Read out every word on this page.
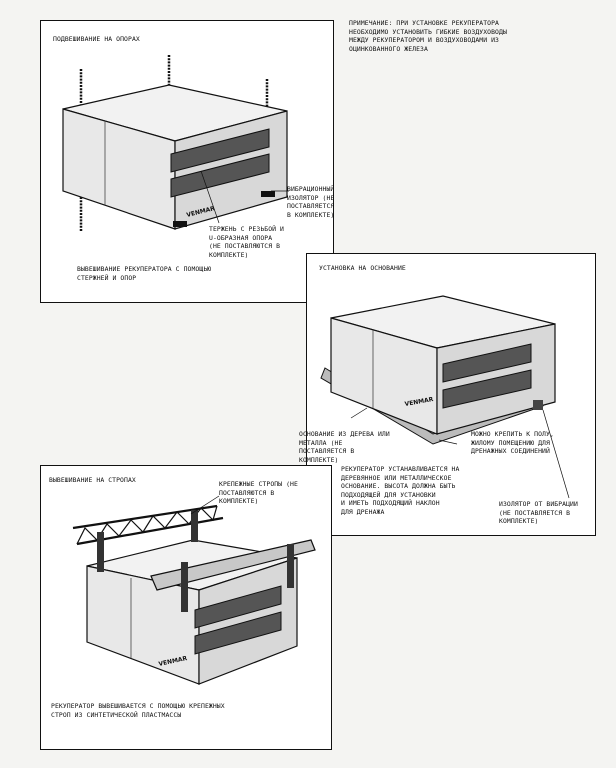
ПРИМЕЧАНИЕ: ПРИ УСТАНОВКЕ РЕКУПЕРАТОРА
НЕОБХОДИМО УСТАНОВИТЬ ГИБКИЕ ВОЗДУХОВОДЫ
МЕЖДУ РЕКУПЕРАТОРОМ И ВОЗДУХОВОДАМИ ИЗ
ОЦИНКОВАННОГО ЖЕЛЕЗА
ПОДВЕШИВАНИЕ НА ОПОРАХ
VENMAR
ВИБРАЦИОННЫЙ
ИЗОЛЯТОР (НЕ
ПОСТАВЛЯЕТСЯ
В КОМПЛЕКТЕ)
ТЕРЖЕНЬ С РЕЗЬБОЙ И
U-ОБРАЗНАЯ ОПОРА
(НЕ ПОСТАВЛЯЮТСЯ В
КОМПЛЕКТЕ)
ВЫВЕШИВАНИЕ РЕКУПЕРАТОРА С ПОМОЩЬЮ
СТЕРЖНЕЙ И ОПОР
УСТАНОВКА НА ОСНОВАНИЕ
VENMAR
ОСНОВАНИЕ ИЗ ДЕРЕВА ИЛИ
МЕТАЛЛА (НЕ
ПОСТАВЛЯЕТСЯ В
КОМПЛЕКТЕ)
МОЖНО КРЕПИТЬ К ПОЛУ,
ЖИЛОМУ ПОМЕЩЕНИЮ ДЛЯ
ДРЕНАЖНЫХ СОЕДИНЕНИЙ
РЕКУПЕРАТОР УСТАНАВЛИВАЕТСЯ НА
ДЕРЕВЯННОЕ ИЛИ МЕТАЛЛИЧЕСКОЕ
ОСНОВАНИЕ. ВЫСОТА ДОЛЖНА БЫТЬ
ПОДХОДЯЩЕЙ ДЛЯ УСТАНОВКИ
И ИМЕТЬ ПОДХОДЯЩИЙ НАКЛОН
ДЛЯ ДРЕНАЖА
ИЗОЛЯТОР ОТ ВИБРАЦИИ
(НЕ ПОСТАВЛЯЕТСЯ В
КОМПЛЕКТЕ)
ВЫВЕШИВАНИЕ НА СТРОПАХ
VENMAR
КРЕПЕЖНЫЕ СТРОПЫ (НЕ
ПОСТАВЛЯЮТСЯ В
КОМПЛЕКТЕ)
РЕКУПЕРАТОР ВЫВЕШИВАЕТСЯ С ПОМОЩЬЮ КРЕПЕЖНЫХ
СТРОП ИЗ СИНТЕТИЧЕСКОЙ ПЛАСТМАССЫ
